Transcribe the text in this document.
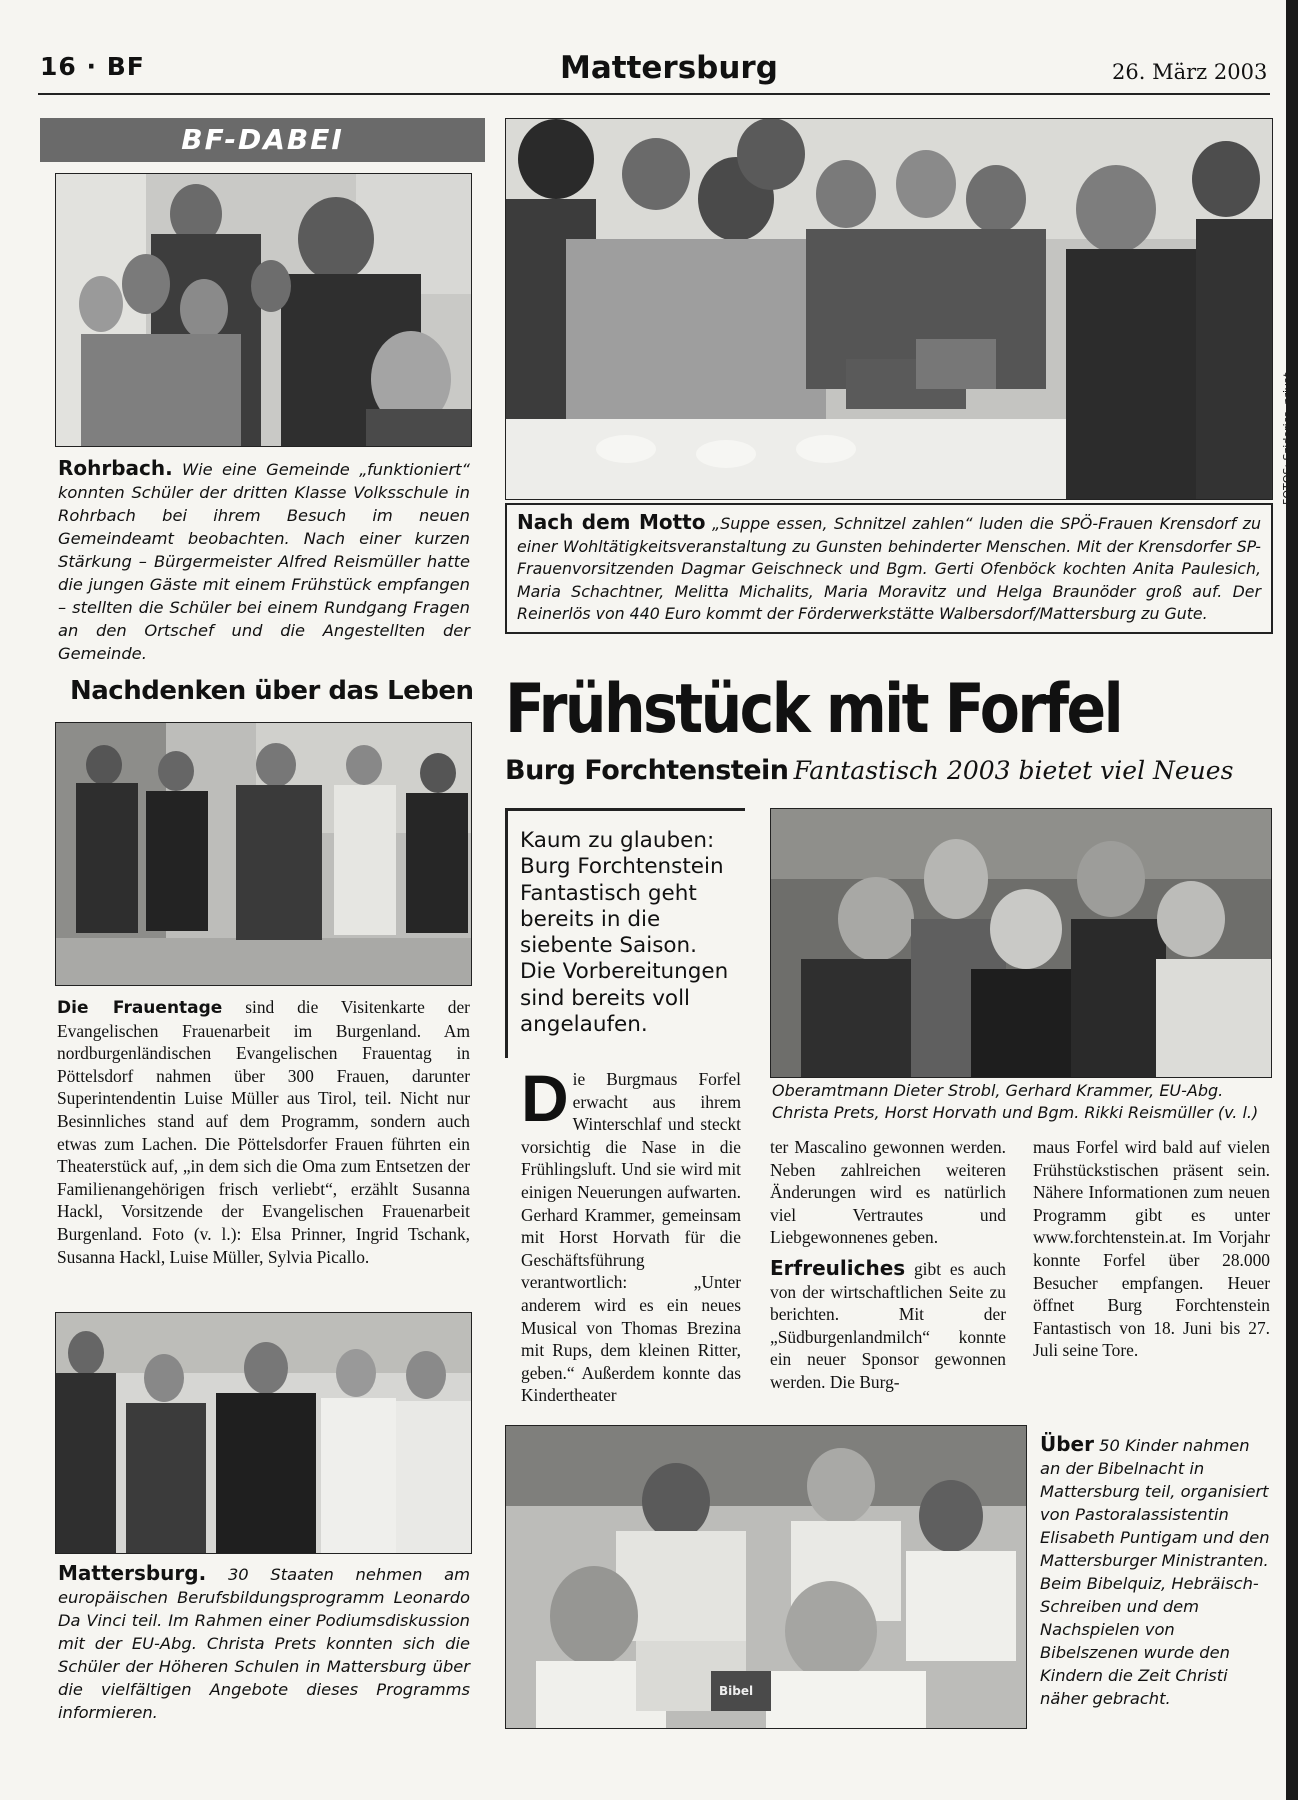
16 · BF	Mattersburg	26. März 2003
BF-DABEI
Rohrbach. Wie eine Gemeinde „funktioniert“ konnten Schüler der dritten Klasse Volksschule in Rohrbach bei ihrem Besuch im neuen Gemeindeamt beobachten. Nach einer kurzen Stärkung – Bürgermeister Alfred Reismüller hatte die jungen Gäste mit einem Frühstück empfangen – stellten die Schüler bei einem Rundgang Fragen an den Ortschef und die Angestellten der Gemeinde.
Nachdenken über das Leben
Die Frauentage sind die Visitenkarte der Evangelischen Frauenarbeit im Burgenland. Am nordburgenländischen Evangelischen Frauentag in Pöttelsdorf nahmen über 300 Frauen, darunter Superintendentin Luise Müller aus Tirol, teil. Nicht nur Besinnliches stand auf dem Programm, sondern auch etwas zum Lachen. Die Pöttelsdorfer Frauen führten ein Theaterstück auf, „in dem sich die Oma zum Entsetzen der Familienangehörigen frisch verliebt“, erzählt Susanna Hackl, Vorsitzende der Evangelischen Frauenarbeit Burgenland. Foto (v. l.): Elsa Prinner, Ingrid Tschank, Susanna Hackl, Luise Müller, Sylvia Picallo.
Mattersburg. 30 Staaten nehmen am europäischen Berufsbildungsprogramm Leonardo Da Vinci teil. Im Rahmen einer Podiumsdiskussion mit der EU-Abg. Christa Prets konnten sich die Schüler der Höheren Schulen in Mattersburg über die vielfältigen Angebote dieses Programms informieren.
Nach dem Motto „Suppe essen, Schnitzel zahlen“ luden die SPÖ-Frauen Krensdorf zu einer Wohltätigkeitsveranstaltung zu Gunsten behinderter Menschen. Mit der Krensdorfer SP-Frauenvorsitzenden Dagmar Geischneck und Bgm. Gerti Ofenböck kochten Anita Paulesich, Maria Schachtner, Melitta Michalits, Maria Moravitz und Helga Braunöder groß auf. Der Reinerlös von 440 Euro kommt der Förderwerkstätte Walbersdorf/Mattersburg zu Gute.
Frühstück mit Forfel
Burg Forchtenstein Fantastisch 2003 bietet viel Neues
Kaum zu glauben: Burg Forchtenstein Fantastisch geht bereits in die siebente Saison. Die Vorbereitungen sind bereits voll angelaufen.
Oberamtmann Dieter Strobl, Gerhard Krammer, EU-Abg. Christa Prets, Horst Horvath und Bgm. Rikki Reismüller (v. l.)
D ie Burgmaus Forfel erwacht aus ihrem Winterschlaf und steckt vorsichtig die Nase in die Frühlingsluft. Und sie wird mit einigen Neuerungen aufwarten. Gerhard Krammer, gemeinsam mit Horst Horvath für die Geschäftsführung verantwortlich: „Unter anderem wird es ein neues Musical von Thomas Brezina mit Rups, dem kleinen Ritter, geben.“ Außerdem konnte das Kindertheater
ter Mascalino gewonnen werden. Neben zahlreichen weiteren Änderungen wird es natürlich viel Vertrautes und Liebgewonnenes geben.
Erfreuliches gibt es auch von der wirtschaftlichen Seite zu berichten. Mit der „Südburgenlandmilch“ konnte ein neuer Sponsor gewonnen werden. Die Burg-
maus Forfel wird bald auf vielen Frühstückstischen präsent sein. Nähere Informationen zum neuen Programm gibt es unter www.forchtenstein.at. Im Vorjahr konnte Forfel über 28.000 Besucher empfangen. Heuer öffnet Burg Forchtenstein Fantastisch von 18. Juni bis 27. Juli seine Tore.
Bibel
Über 50 Kinder nahmen an der Bibelnacht in Mattersburg teil, organisiert von Pastoralassistentin Elisabeth Puntigam und den Mattersburger Ministranten. Beim Bibelquiz, Hebräisch-Schreiben und dem Nachspielen von Bibelszenen wurde den Kindern die Zeit Christi näher gebracht.
